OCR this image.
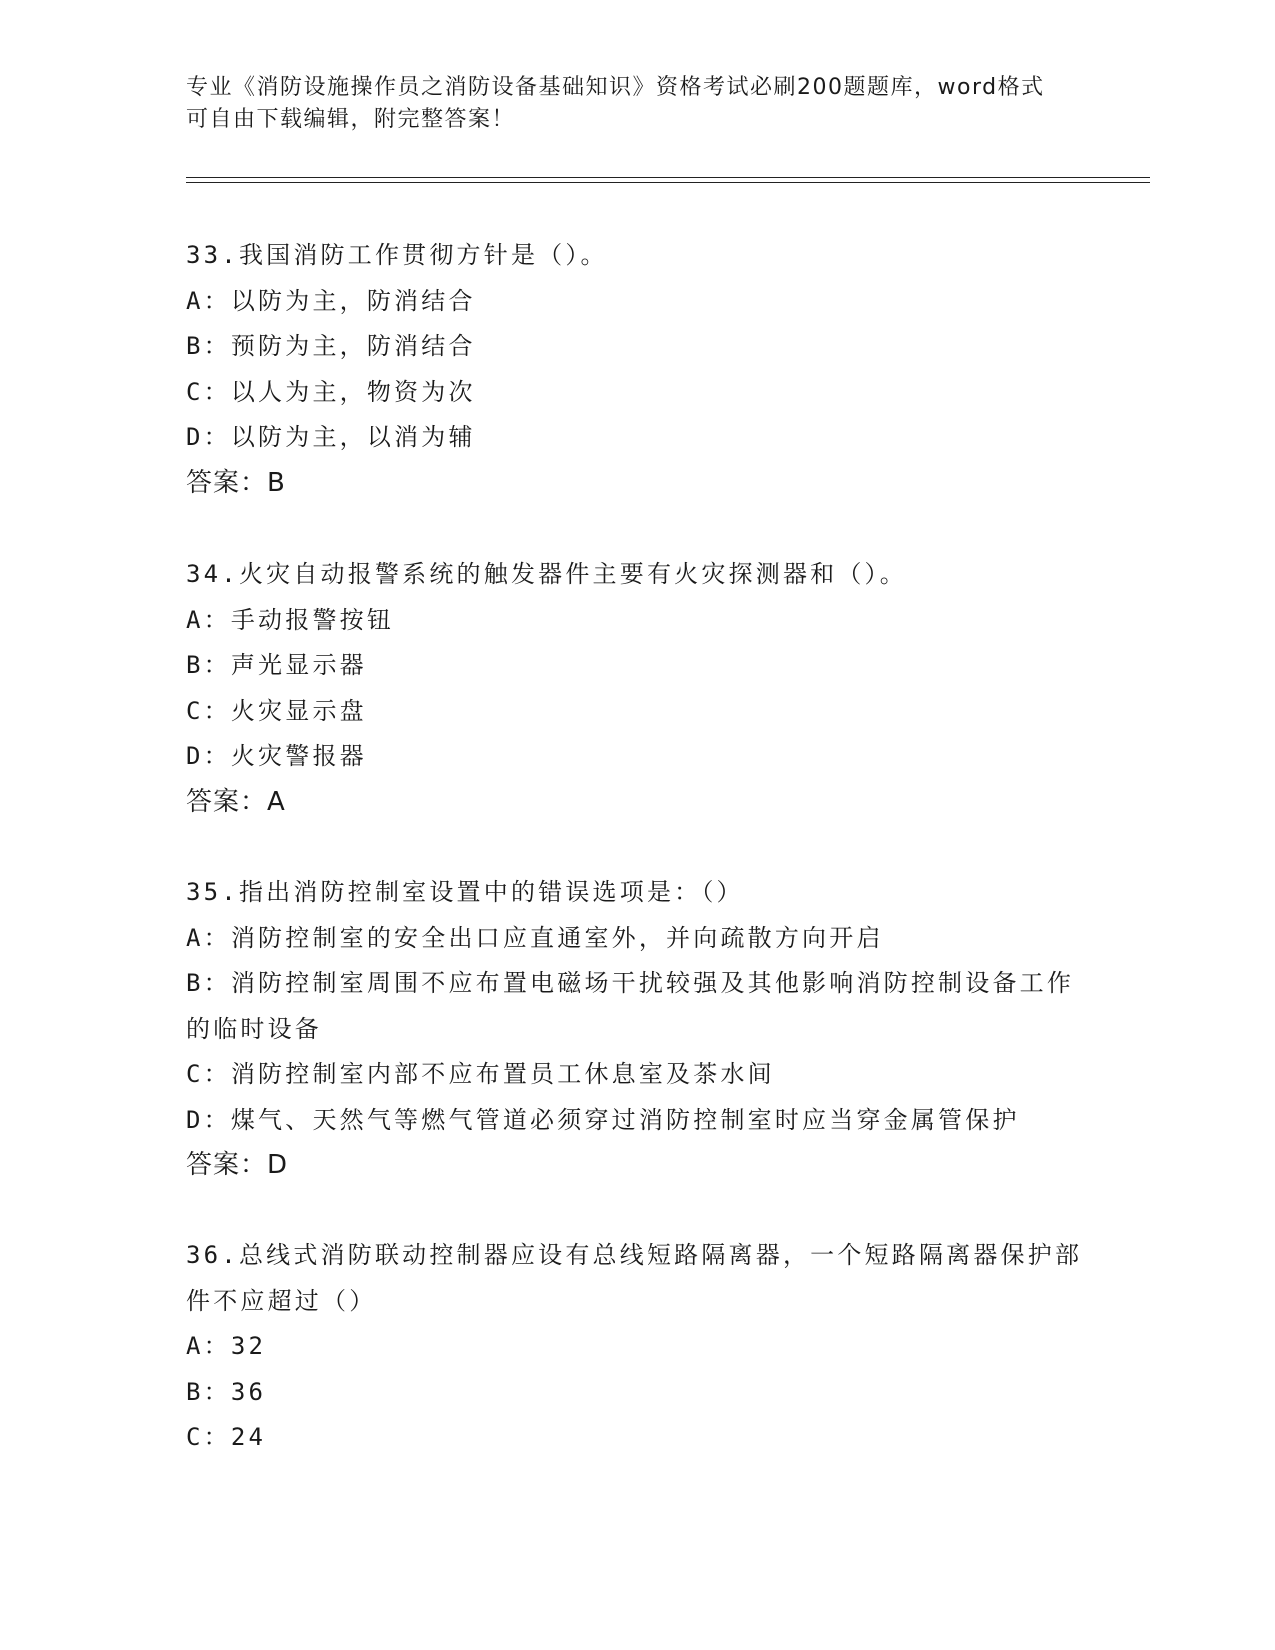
专业《消防设施操作员之消防设备基础知识》资格考试必刷200题题库，word格式可自由下载编辑，附完整答案！
33.我国消防工作贯彻方针是（）。
A：以防为主，防消结合
B：预防为主，防消结合
C：以人为主，物资为次
D：以防为主，以消为辅
答案：B
34.火灾自动报警系统的触发器件主要有火灾探测器和（）。
A：手动报警按钮
B：声光显示器
C：火灾显示盘
D：火灾警报器
答案：A
35.指出消防控制室设置中的错误选项是：（）
A：消防控制室的安全出口应直通室外，并向疏散方向开启
B：消防控制室周围不应布置电磁场干扰较强及其他影响消防控制设备工作的临时设备
C：消防控制室内部不应布置员工休息室及茶水间
D：煤气、天然气等燃气管道必须穿过消防控制室时应当穿金属管保护
答案：D
36.总线式消防联动控制器应设有总线短路隔离器，一个短路隔离器保护部件不应超过（）
A：32
B：36
C：24
